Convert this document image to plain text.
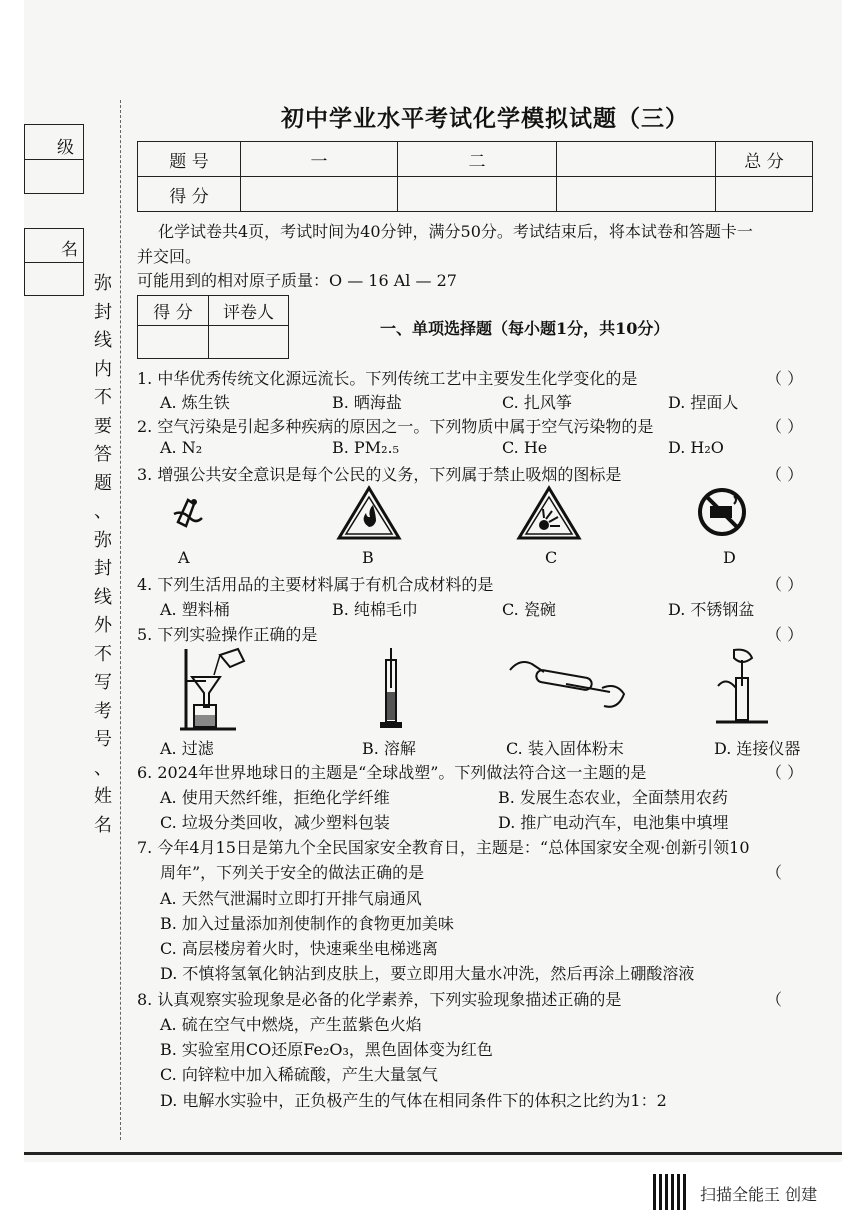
级
名
弥
封
线
内
不
要
答
题
、
弥
封
线
外
不
写
考
号
、
姓
名
初中学业水平考试化学模拟试题（三）
题 号	一	二		总 分
得 分				
化学试卷共4页，考试时间为40分钟，满分50分。考试结束后，将本试卷和答题卡一
并交回。
可能用到的相对原子质量：O — 16 Al — 27
得 分	评卷人

一、单项选择题（每小题1分，共10分）
1. 中华优秀传统文化源远流长。下列传统工艺中主要发生化学变化的是	（ ）
A. 炼生铁	B. 晒海盐	C. 扎风筝	D. 捏面人
2. 空气污染是引起多种疾病的原因之一。下列物质中属于空气污染物的是	（ ）
A. N₂	B. PM₂.₅	C. He	D. H₂O
3. 增强公共安全意识是每个公民的义务，下列属于禁止吸烟的图标是	（ ）
A	B	C	D
4. 下列生活用品的主要材料属于有机合成材料的是	（ ）
A. 塑料桶	B. 纯棉毛巾	C. 瓷碗	D. 不锈钢盆
5. 下列实验操作正确的是	（ ）
A. 过滤	B. 溶解	C. 装入固体粉末	D. 连接仪器
6. 2024年世界地球日的主题是“全球战塑”。下列做法符合这一主题的是	（ ）
A. 使用天然纤维，拒绝化学纤维	B. 发展生态农业，全面禁用农药
C. 垃圾分类回收，减少塑料包装	D. 推广电动汽车，电池集中填埋
7. 今年4月15日是第九个全民国家安全教育日，主题是：“总体国家安全观·创新引领10
周年”，下列关于安全的做法正确的是	（
A. 天然气泄漏时立即打开排气扇通风
B. 加入过量添加剂使制作的食物更加美味
C. 高层楼房着火时，快速乘坐电梯逃离
D. 不慎将氢氧化钠沾到皮肤上，要立即用大量水冲洗，然后再涂上硼酸溶液
8. 认真观察实验现象是必备的化学素养，下列实验现象描述正确的是	（
A. 硫在空气中燃烧，产生蓝紫色火焰
B. 实验室用CO还原Fe₂O₃，黑色固体变为红色
C. 向锌粒中加入稀硫酸，产生大量氢气
D. 电解水实验中，正负极产生的气体在相同条件下的体积之比约为1：2
扫描全能王 创建
